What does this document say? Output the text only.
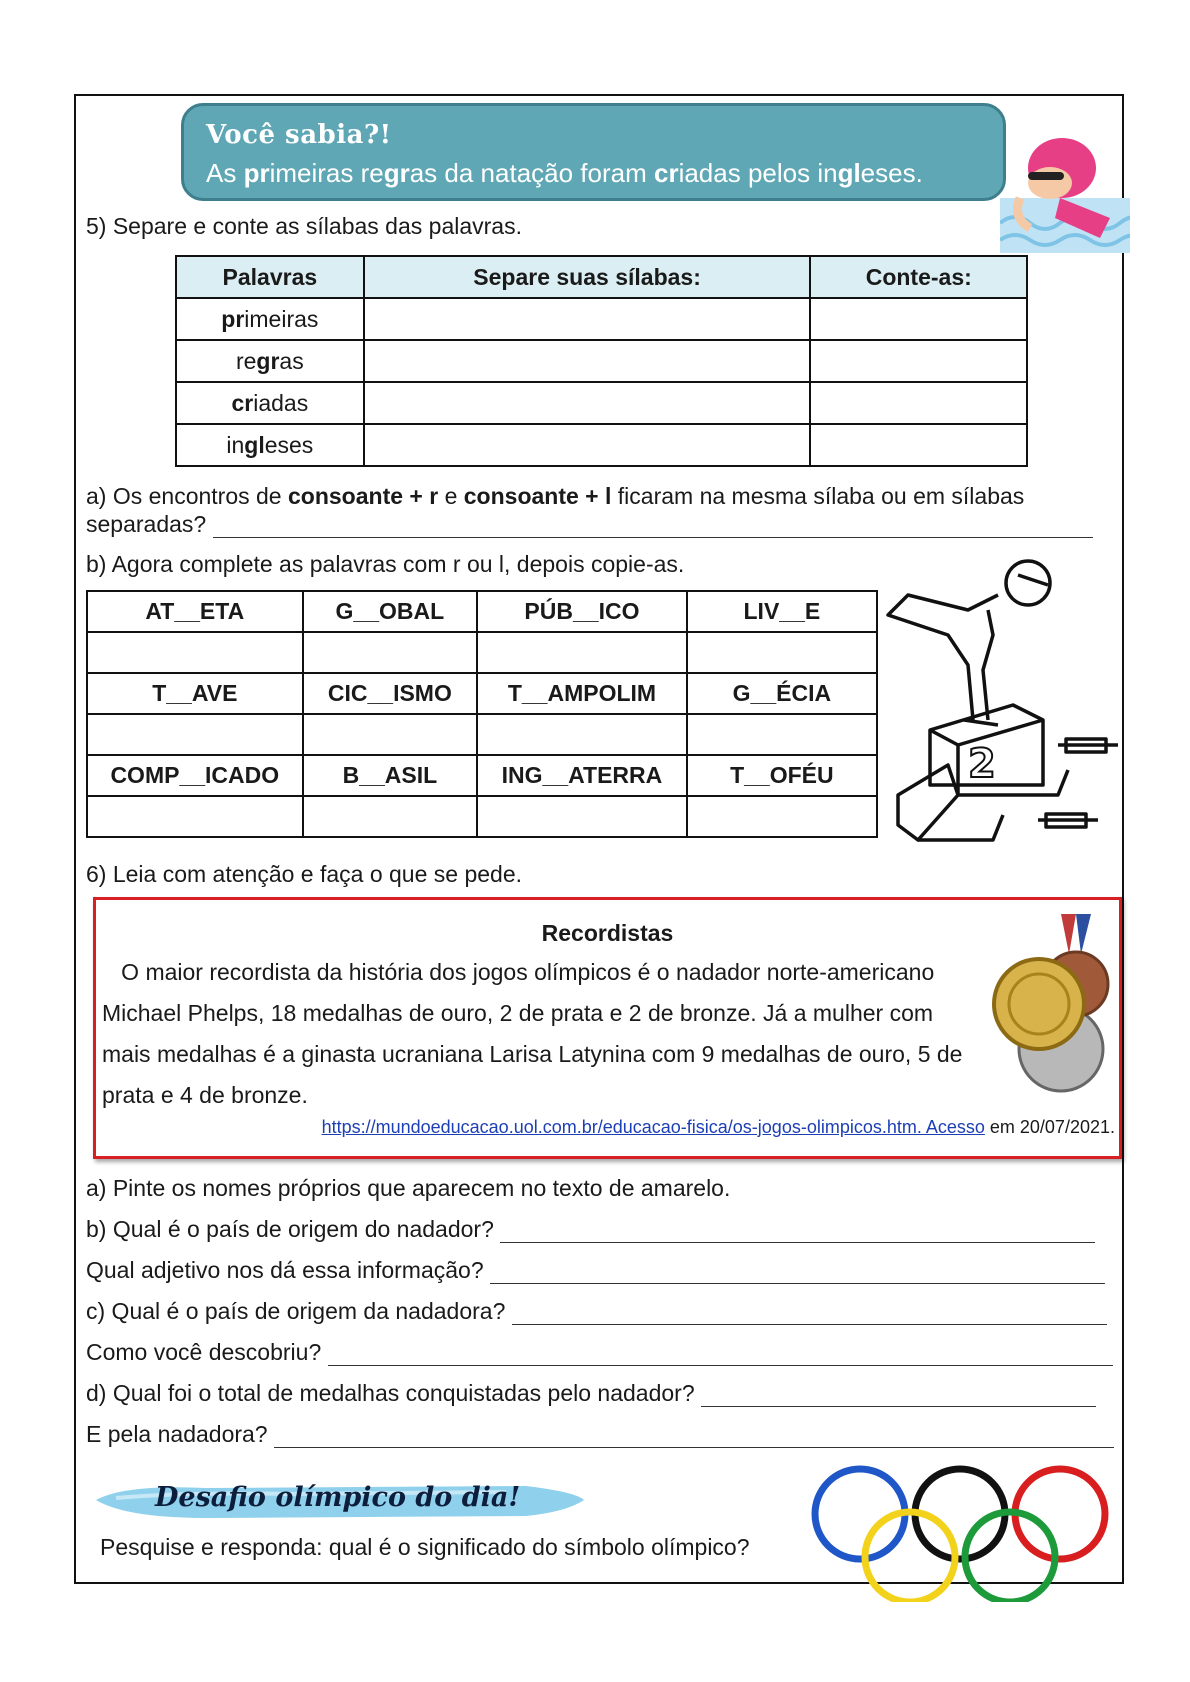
Você sabia?!
As primeiras regras da natação foram criadas pelos ingleses.
5) Separe e conte as sílabas das palavras.
Palavras	Separe suas sílabas:	Conte-as:
primeiras		
regras		
criadas		
ingleses		
a) Os encontros de consoante + r e consoante + l ficaram na mesma sílaba ou em sílabas
separadas?
b) Agora complete as palavras com r ou l, depois copie-as.
AT__ETA	G__OBAL	PÚB__ICO	LIV__E

T__AVE	CIC__ISMO	T__AMPOLIM	G__ÉCIA

COMP__ICADO	B__ASIL	ING__ATERRA	T__OFÉU
				2
6) Leia com atenção e faça o que se pede.
Recordistas
O maior recordista da história dos jogos olímpicos é o nadador norte-americano Michael Phelps, 18 medalhas de ouro, 2 de prata e 2 de bronze. Já a mulher com mais medalhas é a ginasta ucraniana Larisa Latynina com 9 medalhas de ouro, 5 de prata e 4 de bronze.
https://mundoeducacao.uol.com.br/educacao-fisica/os-jogos-olimpicos.htm. Acesso em 20/07/2021.
a) Pinte os nomes próprios que aparecem no texto de amarelo.
b) Qual é o país de origem do nadador?
Qual adjetivo nos dá essa informação?
c) Qual é o país de origem da nadadora?
Como você descobriu?
d) Qual foi o total de medalhas conquistadas pelo nadador?
E pela nadadora?
Desafio olímpico do dia!
Pesquise e responda: qual é o significado do símbolo olímpico?
